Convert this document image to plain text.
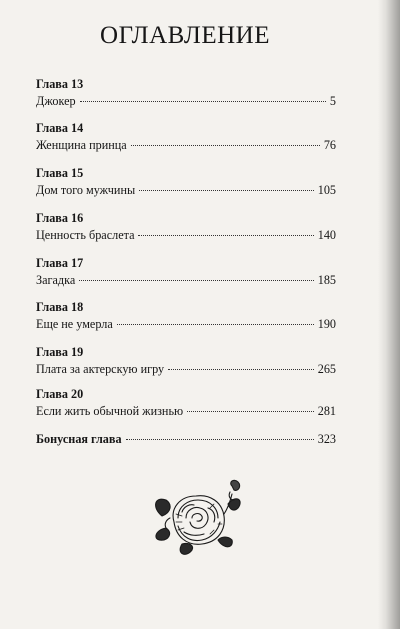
ОГЛАВЛЕНИЕ
Глава 13
Джокер	5
Глава 14
Женщина принца	76
Глава 15
Дом того мужчины	105
Глава 16
Ценность браслета	140
Глава 17
Загадка	185
Глава 18
Еще не умерла	190
Глава 19
Плата за актерскую игру	265
Глава 20
Если жить обычной жизнью	281
Бонусная глава	323
